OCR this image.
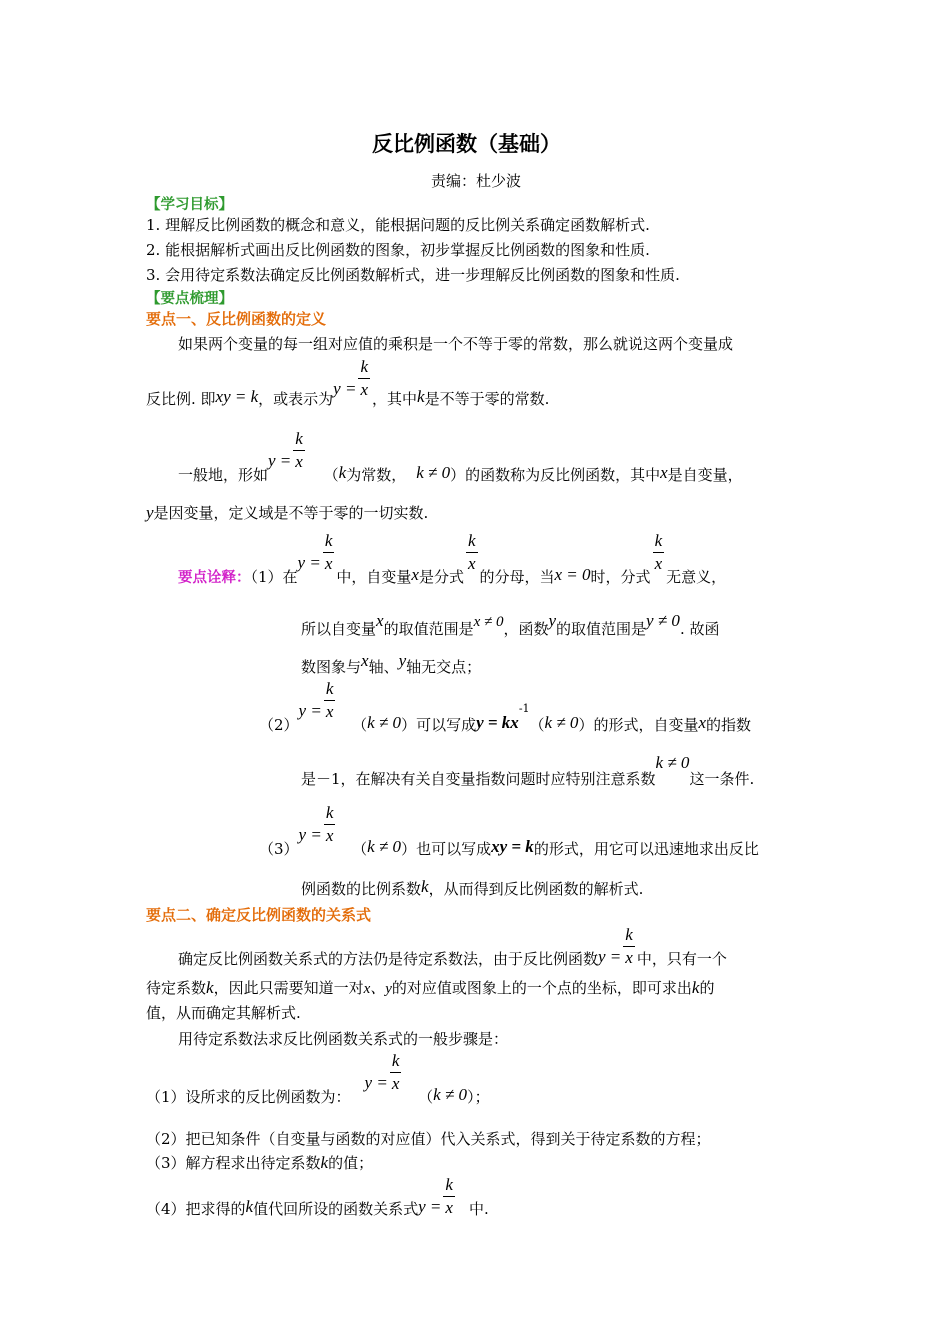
反比例函数（基础）
责编：杜少波
【学习目标】
1. 理解反比例函数的概念和意义，能根据问题的反比例关系确定函数解析式.
2. 能根据解析式画出反比例函数的图象，初步掌握反比例函数的图象和性质.
3. 会用待定系数法确定反比例函数解析式，进一步理解反比例函数的图象和性质.
【要点梳理】
要点一、反比例函数的定义
如果两个变量的每一组对应值的乘积是一个不等于零的常数，那么就说这两个变量成
反比例. 即xy = k，或表示为$y = \frac{k}{x}$
，其中k是不等于零的常数.
一般地，形如$y = \frac{k}{x}$
（k为常数， k ≠ 0）的函数称为反比例函数，其中x是自变量，
y是因变量，定义域是不等于零的一切实数.
要点诠释：（1）在$y = \frac{k}{x}$
中，自变量x是分式
$\frac{k}{x}$
的分母，当x = 0时，分式
$\frac{k}{x}$
无意义，
所以自变量x的取值范围是x ≠ 0，函数y的取值范围是y ≠ 0. 故函
数图象与x轴、y轴无交点；
$(2)y = \frac{k}{x}$
（k ≠ 0）可以写成$y = kx^{-1}(k \ne 0)$的形式，自变量x的指数
是－1，在解决有关自变量指数问题时应特别注意系数k ≠ 0这一条件.
$(3)y = \frac{k}{x}$
（k ≠ 0）也可以写成xy = k的形式，用它可以迅速地求出反比
例函数的比例系数k，从而得到反比例函数的解析式.
要点二、确定反比例函数的关系式
确定反比例函数关系式的方法仍是待定系数法，由于反比例函数$y = \frac{k}{x}$ 中，只有一个
待定系数k，因此只需要知道一对x、y的对应值或图象上的一个点的坐标，即可求出k的
值，从而确定其解析式.
用待定系数法求反比例函数关系式的一般步骤是：
（1）设所求的反比例函数为：$y = \frac{k}{x}$
（k ≠ 0）；
（2）把已知条件（自变量与函数的对应值）代入关系式，得到关于待定系数的方程；
（3）解方程求出待定系数k的值；
（4）把求得的k值代回所设的函数关系式$y = \frac{k}{x}$ 中.
